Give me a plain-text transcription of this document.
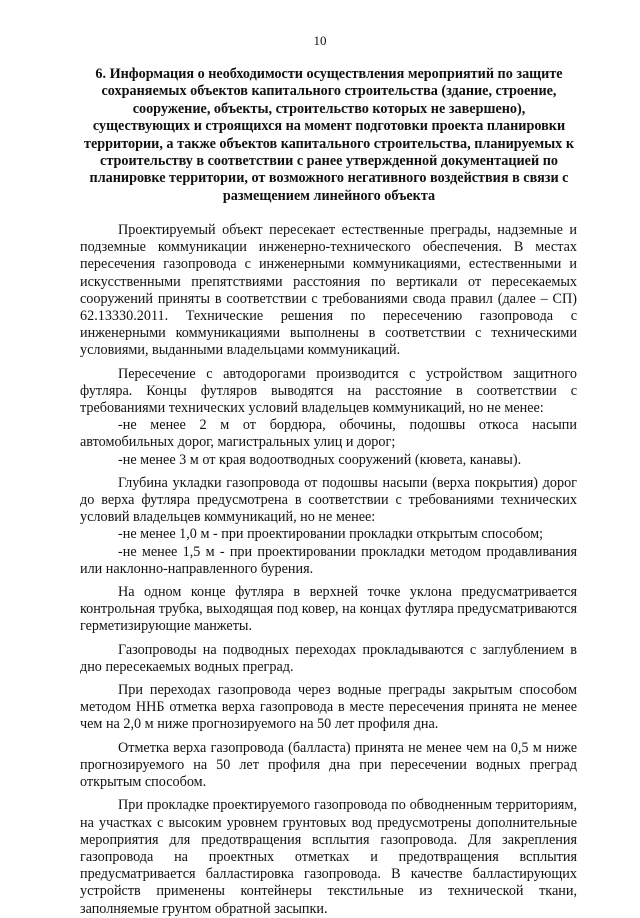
10
6. Информация о необходимости осуществления мероприятий по защите сохраняемых объектов капитального строительства (здание, строение, сооружение, объекты, строительство которых не завершено), существующих и строящихся на момент подготовки проекта планировки территории, а также объектов капитального строительства, планируемых к строительству в соответствии с ранее утвержденной документацией по планировке территории, от возможного негативного воздействия в связи с размещением линейного объекта

Проектируемый объект пересекает естественные преграды, надземные и подземные коммуникации инженерно-технического обеспечения. В местах пересечения газопровода с инженерными коммуникациями, естественными и искусственными препятствиями расстояния по вертикали от пересекаемых сооружений приняты в соответствии с требованиями свода правил (далее – СП) 62.13330.2011. Технические решения по пересечению газопровода с инженерными коммуникациями выполнены в соответствии с техническими условиями, выданными владельцами коммуникаций.

Пересечение с автодорогами производится с устройством защитного футляра. Концы футляров выводятся на расстояние в соответствии с требованиями технических условий владельцев коммуникаций, но не менее:

-не менее 2 м от бордюра, обочины, подошвы откоса насыпи автомобильных дорог, магистральных улиц и дорог;

-не менее 3 м от края водоотводных сооружений (кювета, канавы).

Глубина укладки газопровода от подошвы насыпи (верха покрытия) дорог до верха футляра предусмотрена в соответствии с требованиями технических условий владельцев коммуникаций, но не менее:

-не менее 1,0 м - при проектировании прокладки открытым способом;

-не менее 1,5 м - при проектировании прокладки методом продавливания или наклонно-направленного бурения.

На одном конце футляра в верхней точке уклона предусматривается контрольная трубка, выходящая под ковер, на концах футляра предусматриваются герметизирующие манжеты.

Газопроводы на подводных переходах прокладываются с заглублением в дно пересекаемых водных преград.

При переходах газопровода через водные преграды закрытым способом методом ННБ отметка верха газопровода в месте пересечения принята не менее чем на 2,0 м ниже прогнозируемого на 50 лет профиля дна.

Отметка верха газопровода (балласта) принята не менее чем на 0,5 м ниже прогнозируемого на 50 лет профиля дна при пересечении водных преград открытым способом.

При прокладке проектируемого газопровода по обводненным территориям, на участках с высоким уровнем грунтовых вод предусмотрены дополнительные мероприятия для предотвращения всплытия газопровода. Для закрепления газопровода на проектных отметках и предотвращения всплытия предусматривается балластировка газопровода. В качестве балластирующих устройств применены контейнеры текстильные из технической ткани, заполняемые грунтом обратной засыпки.
